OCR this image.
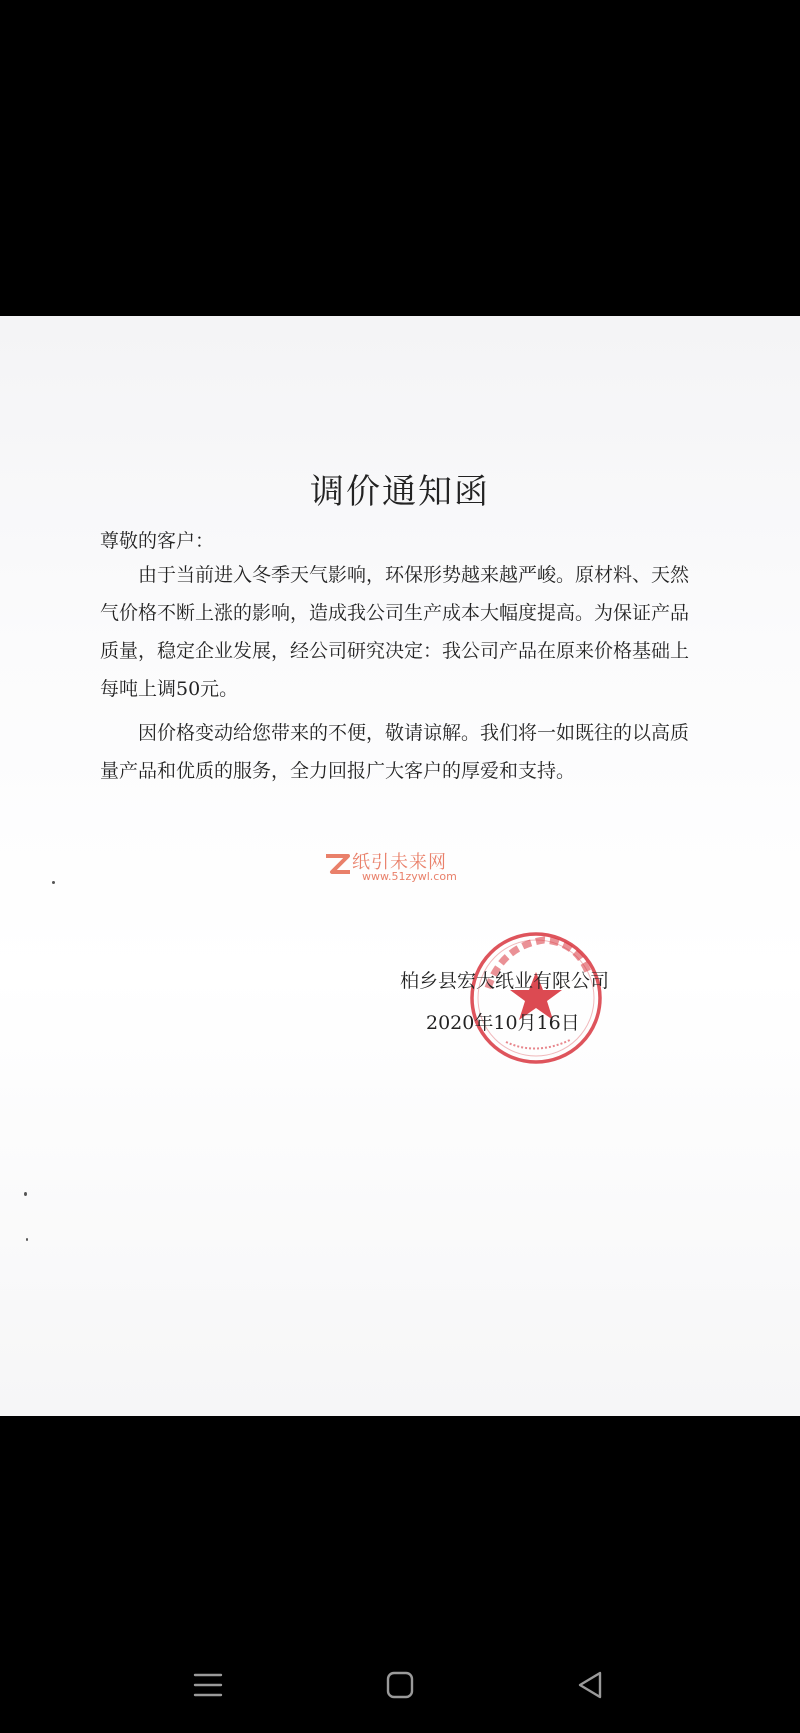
调价通知函
尊敬的客户：

由于当前进入冬季天气影响，环保形势越来越严峻。原材料、天然气价格不断上涨的影响，造成我公司生产成本大幅度提高。为保证产品质量，稳定企业发展，经公司研究决定：我公司产品在原来价格基础上每吨上调50元。

因价格变动给您带来的不便，敬请谅解。我们将一如既往的以高质量产品和优质的服务，全力回报广大客户的厚爱和支持。

纸引未来网
www.51zywl.com
柏乡县宏大纸业有限公司
2020年10月16日
